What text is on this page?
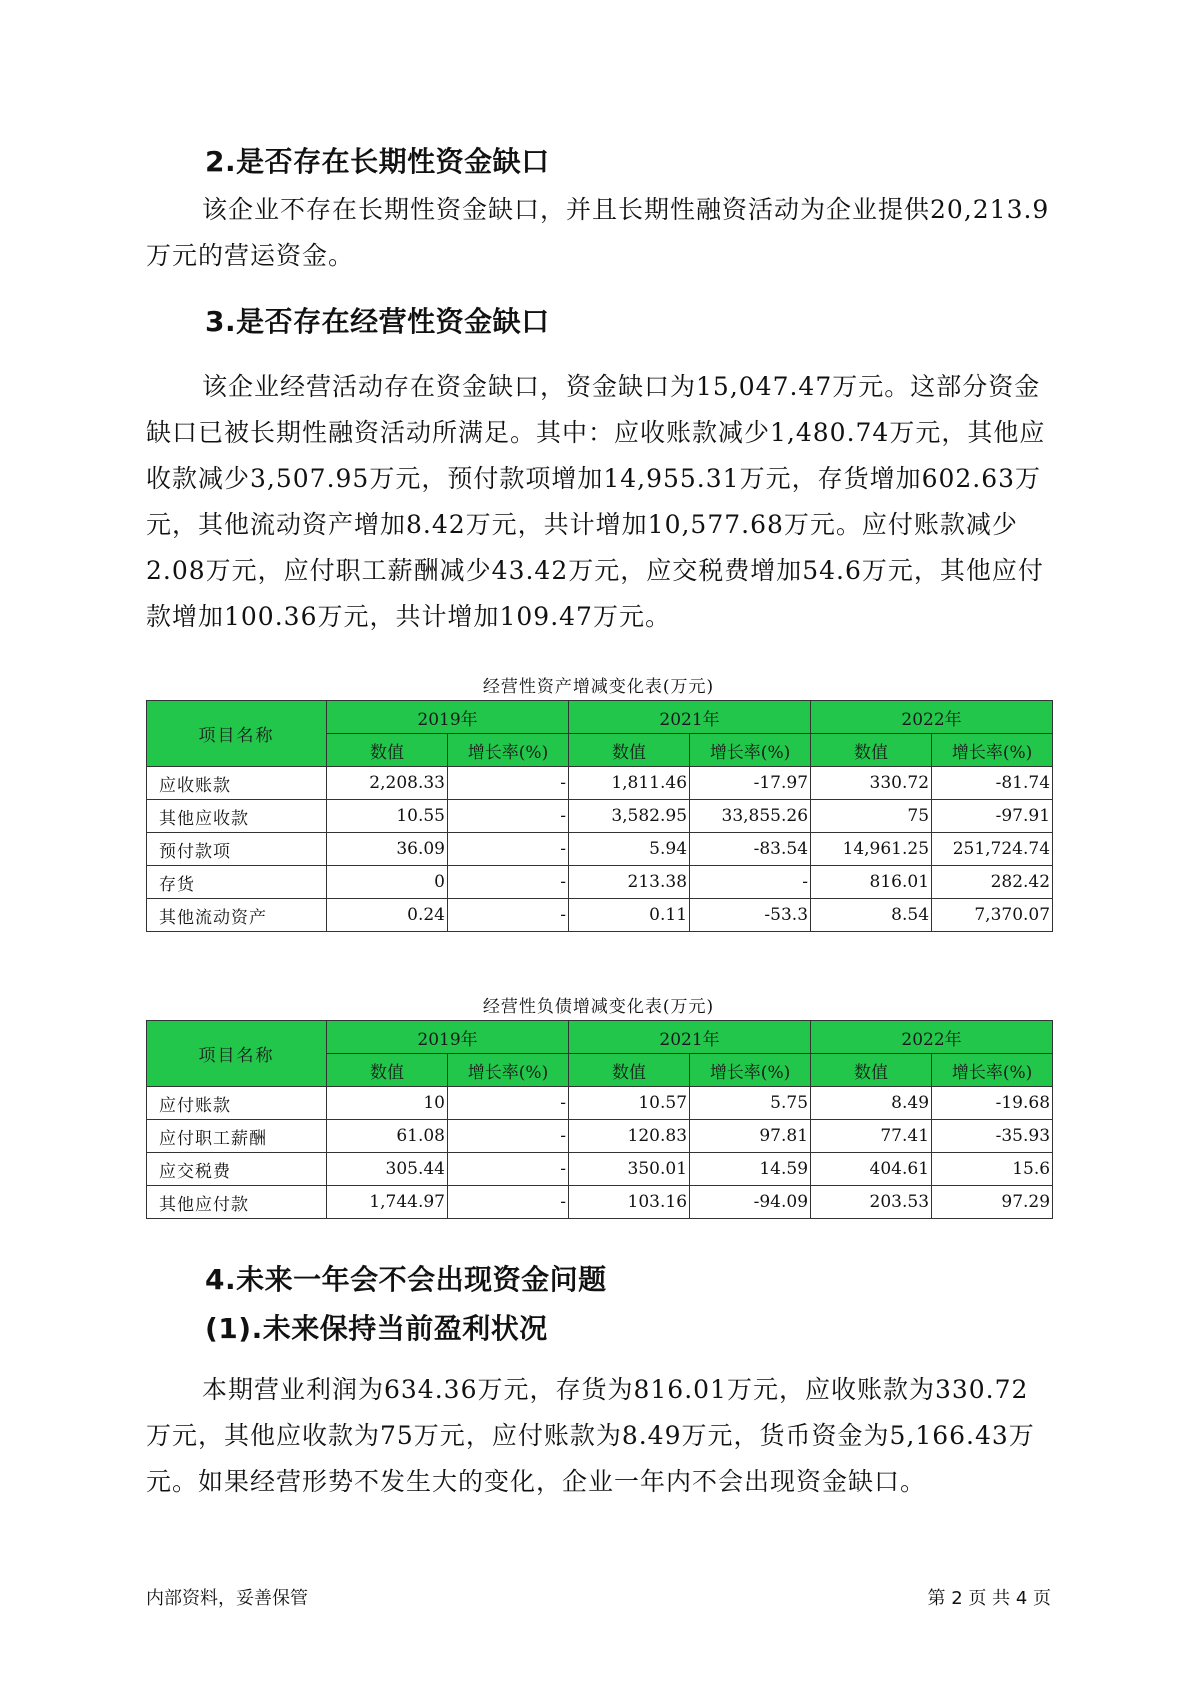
2.是否存在长期性资金缺口

该企业不存在长期性资金缺口，并且长期性融资活动为企业提供20,213.9万元的营运资金。

3.是否存在经营性资金缺口

该企业经营活动存在资金缺口，资金缺口为15,047.47万元。这部分资金缺口已被长期性融资活动所满足。其中：应收账款减少1,480.74万元，其他应收款减少3,507.95万元，预付款项增加14,955.31万元，存货增加602.63万元，其他流动资产增加8.42万元，共计增加10,577.68万元。应付账款减少2.08万元，应付职工薪酬减少43.42万元，应交税费增加54.6万元，其他应付款增加100.36万元，共计增加109.47万元。

经营性资产增减变化表(万元)
项目名称	2019年		2021年		2022年	
	数值	增长率(%)	数值	增长率(%)	数值	增长率(%)
应收账款	2,208.33	-	1,811.46	-17.97	330.72	-81.74
其他应收款	10.55	-	3,582.95	33,855.26	75	-97.91
预付款项	36.09	-	5.94	-83.54	14,961.25	251,724.74
存货	0	-	213.38	-	816.01	282.42
其他流动资产	0.24	-	0.11	-53.3	8.54	7,370.07
经营性负债增减变化表(万元)
项目名称	2019年		2021年		2022年	
	数值	增长率(%)	数值	增长率(%)	数值	增长率(%)
应付账款	10	-	10.57	5.75	8.49	-19.68
应付职工薪酬	61.08	-	120.83	97.81	77.41	-35.93
应交税费	305.44	-	350.01	14.59	404.61	15.6
其他应付款	1,744.97	-	103.16	-94.09	203.53	97.29
4.未来一年会不会出现资金问题
(1).未来保持当前盈利状况

本期营业利润为634.36万元，存货为816.01万元，应收账款为330.72万元，其他应收款为75万元，应付账款为8.49万元，货币资金为5,166.43万元。如果经营形势不发生大的变化，企业一年内不会出现资金缺口。

内部资料，妥善保管	第 2 页 共 4 页
